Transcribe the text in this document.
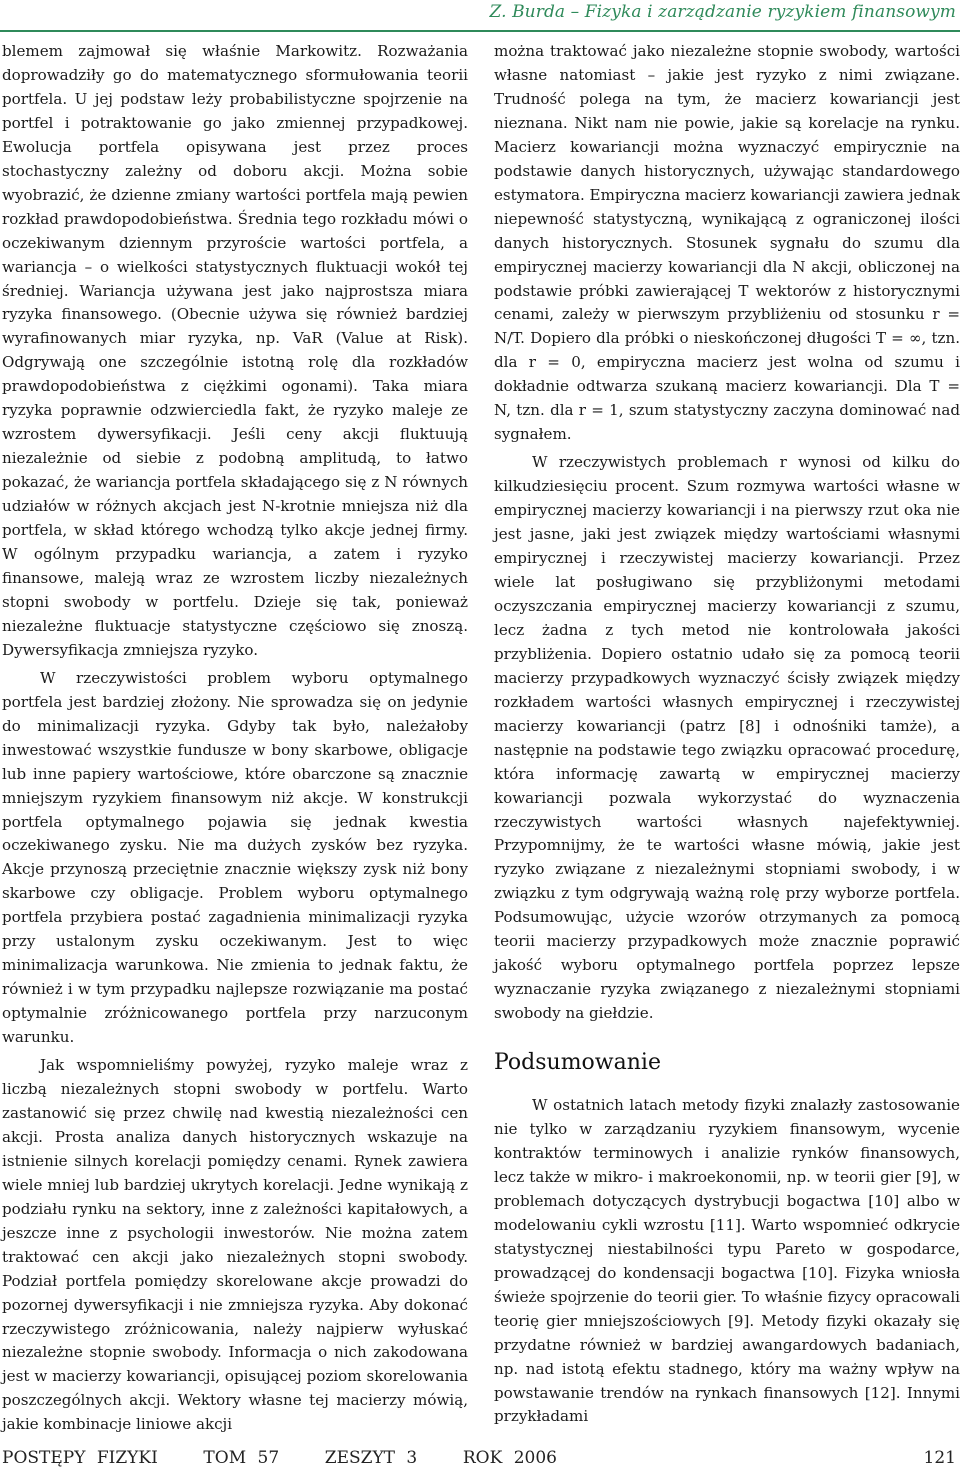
Z. Burda – Fizyka i zarządzanie ryzykiem finansowym

blemem zajmował się właśnie Markowitz. Rozważania doprowadziły go do matematycznego sformułowania teorii portfela. U jej podstaw leży probabilistyczne spojrzenie na portfel i potraktowanie go jako zmiennej przypadkowej. Ewolucja portfela opisywana jest przez proces stochastyczny zależny od doboru akcji. Można sobie wyobrazić, że dzienne zmiany wartości portfela mają pewien rozkład prawdopodobieństwa. Średnia tego rozkładu mówi o oczekiwanym dziennym przyroście wartości portfela, a wariancja – o wielkości statystycznych fluktuacji wokół tej średniej. Wariancja używana jest jako najprostsza miara ryzyka finansowego. (Obecnie używa się również bardziej wyrafinowanych miar ryzyka, np. VaR (Value at Risk). Odgrywają one szczególnie istotną rolę dla rozkładów prawdopodobieństwa z ciężkimi ogonami). Taka miara ryzyka poprawnie odzwierciedla fakt, że ryzyko maleje ze wzrostem dywersyfikacji. Jeśli ceny akcji fluktuują niezależnie od siebie z podobną amplitudą, to łatwo pokazać, że wariancja portfela składającego się z N równych udziałów w różnych akcjach jest N-krotnie mniejsza niż dla portfela, w skład którego wchodzą tylko akcje jednej firmy. W ogólnym przypadku wariancja, a zatem i ryzyko finansowe, maleją wraz ze wzrostem liczby niezależnych stopni swobody w portfelu. Dzieje się tak, ponieważ niezależne fluktuacje statystyczne częściowo się znoszą. Dywersyfikacja zmniejsza ryzyko.

W rzeczywistości problem wyboru optymalnego portfela jest bardziej złożony. Nie sprowadza się on jedynie do minimalizacji ryzyka. Gdyby tak było, należałoby inwestować wszystkie fundusze w bony skarbowe, obligacje lub inne papiery wartościowe, które obarczone są znacznie mniejszym ryzykiem finansowym niż akcje. W konstrukcji portfela optymalnego pojawia się jednak kwestia oczekiwanego zysku. Nie ma dużych zysków bez ryzyka. Akcje przynoszą przeciętnie znacznie większy zysk niż bony skarbowe czy obligacje. Problem wyboru optymalnego portfela przybiera postać zagadnienia minimalizacji ryzyka przy ustalonym zysku oczekiwanym. Jest to więc minimalizacja warunkowa. Nie zmienia to jednak faktu, że również i w tym przypadku najlepsze rozwiązanie ma postać optymalnie zróżnicowanego portfela przy narzuconym warunku.

Jak wspomnieliśmy powyżej, ryzyko maleje wraz z liczbą niezależnych stopni swobody w portfelu. Warto zastanowić się przez chwilę nad kwestią niezależności cen akcji. Prosta analiza danych historycznych wskazuje na istnienie silnych korelacji pomiędzy cenami. Rynek zawiera wiele mniej lub bardziej ukrytych korelacji. Jedne wynikają z podziału rynku na sektory, inne z zależności kapitałowych, a jeszcze inne z psychologii inwestorów. Nie można zatem traktować cen akcji jako niezależnych stopni swobody. Podział portfela pomiędzy skorelowane akcje prowadzi do pozornej dywersyfikacji i nie zmniejsza ryzyka. Aby dokonać rzeczywistego zróżnicowania, należy najpierw wyłuskać niezależne stopnie swobody. Informacja o nich zakodowana jest w macierzy kowariancji, opisującej poziom skorelowania poszczególnych akcji. Wektory własne tej macierzy mówią, jakie kombinacje liniowe akcji

można traktować jako niezależne stopnie swobody, wartości własne natomiast – jakie jest ryzyko z nimi związane. Trudność polega na tym, że macierz kowariancji jest nieznana. Nikt nam nie powie, jakie są korelacje na rynku. Macierz kowariancji można wyznaczyć empirycznie na podstawie danych historycznych, używając standardowego estymatora. Empiryczna macierz kowariancji zawiera jednak niepewność statystyczną, wynikającą z ograniczonej ilości danych historycznych. Stosunek sygnału do szumu dla empirycznej macierzy kowariancji dla N akcji, obliczonej na podstawie próbki zawierającej T wektorów z historycznymi cenami, zależy w pierwszym przybliżeniu od stosunku r = N/T. Dopiero dla próbki o nieskończonej długości T = ∞, tzn. dla r = 0, empiryczna macierz jest wolna od szumu i dokładnie odtwarza szukaną macierz kowariancji. Dla T = N, tzn. dla r = 1, szum statystyczny zaczyna dominować nad sygnałem.

W rzeczywistych problemach r wynosi od kilku do kilkudziesięciu procent. Szum rozmywa wartości własne w empirycznej macierzy kowariancji i na pierwszy rzut oka nie jest jasne, jaki jest związek między wartościami własnymi empirycznej i rzeczywistej macierzy kowariancji. Przez wiele lat posługiwano się przybliżonymi metodami oczyszczania empirycznej macierzy kowariancji z szumu, lecz żadna z tych metod nie kontrolowała jakości przybliżenia. Dopiero ostatnio udało się za pomocą teorii macierzy przypadkowych wyznaczyć ścisły związek między rozkładem wartości własnych empirycznej i rzeczywistej macierzy kowariancji (patrz [8] i odnośniki tamże), a następnie na podstawie tego związku opracować procedurę, która informację zawartą w empirycznej macierzy kowariancji pozwala wykorzystać do wyznaczenia rzeczywistych wartości własnych najefektywniej. Przypomnijmy, że te wartości własne mówią, jakie jest ryzyko związane z niezależnymi stopniami swobody, i w związku z tym odgrywają ważną rolę przy wyborze portfela. Podsumowując, użycie wzorów otrzymanych za pomocą teorii macierzy przypadkowych może znacznie poprawić jakość wyboru optymalnego portfela poprzez lepsze wyznaczanie ryzyka związanego z niezależnymi stopniami swobody na giełdzie.

Podsumowanie

W ostatnich latach metody fizyki znalazły zastosowanie nie tylko w zarządzaniu ryzykiem finansowym, wycenie kontraktów terminowych i analizie rynków finansowych, lecz także w mikro- i makroekonomii, np. w teorii gier [9], w problemach dotyczących dystrybucji bogactwa [10] albo w modelowaniu cykli wzrostu [11]. Warto wspomnieć odkrycie statystycznej niestabilności typu Pareto w gospodarce, prowadzącej do kondensacji bogactwa [10]. Fizyka wniosła świeże spojrzenie do teorii gier. To właśnie fizycy opracowali teorię gier mniejszościowych [9]. Metody fizyki okazały się przydatne również w bardziej awangardowych badaniach, np. nad istotą efektu stadnego, który ma ważny wpływ na powstawanie trendów na rynkach finansowych [12]. Innymi przykładami

POSTĘPY FIZYKI	TOM 57	ZESZYT 3	ROK 2006	121
